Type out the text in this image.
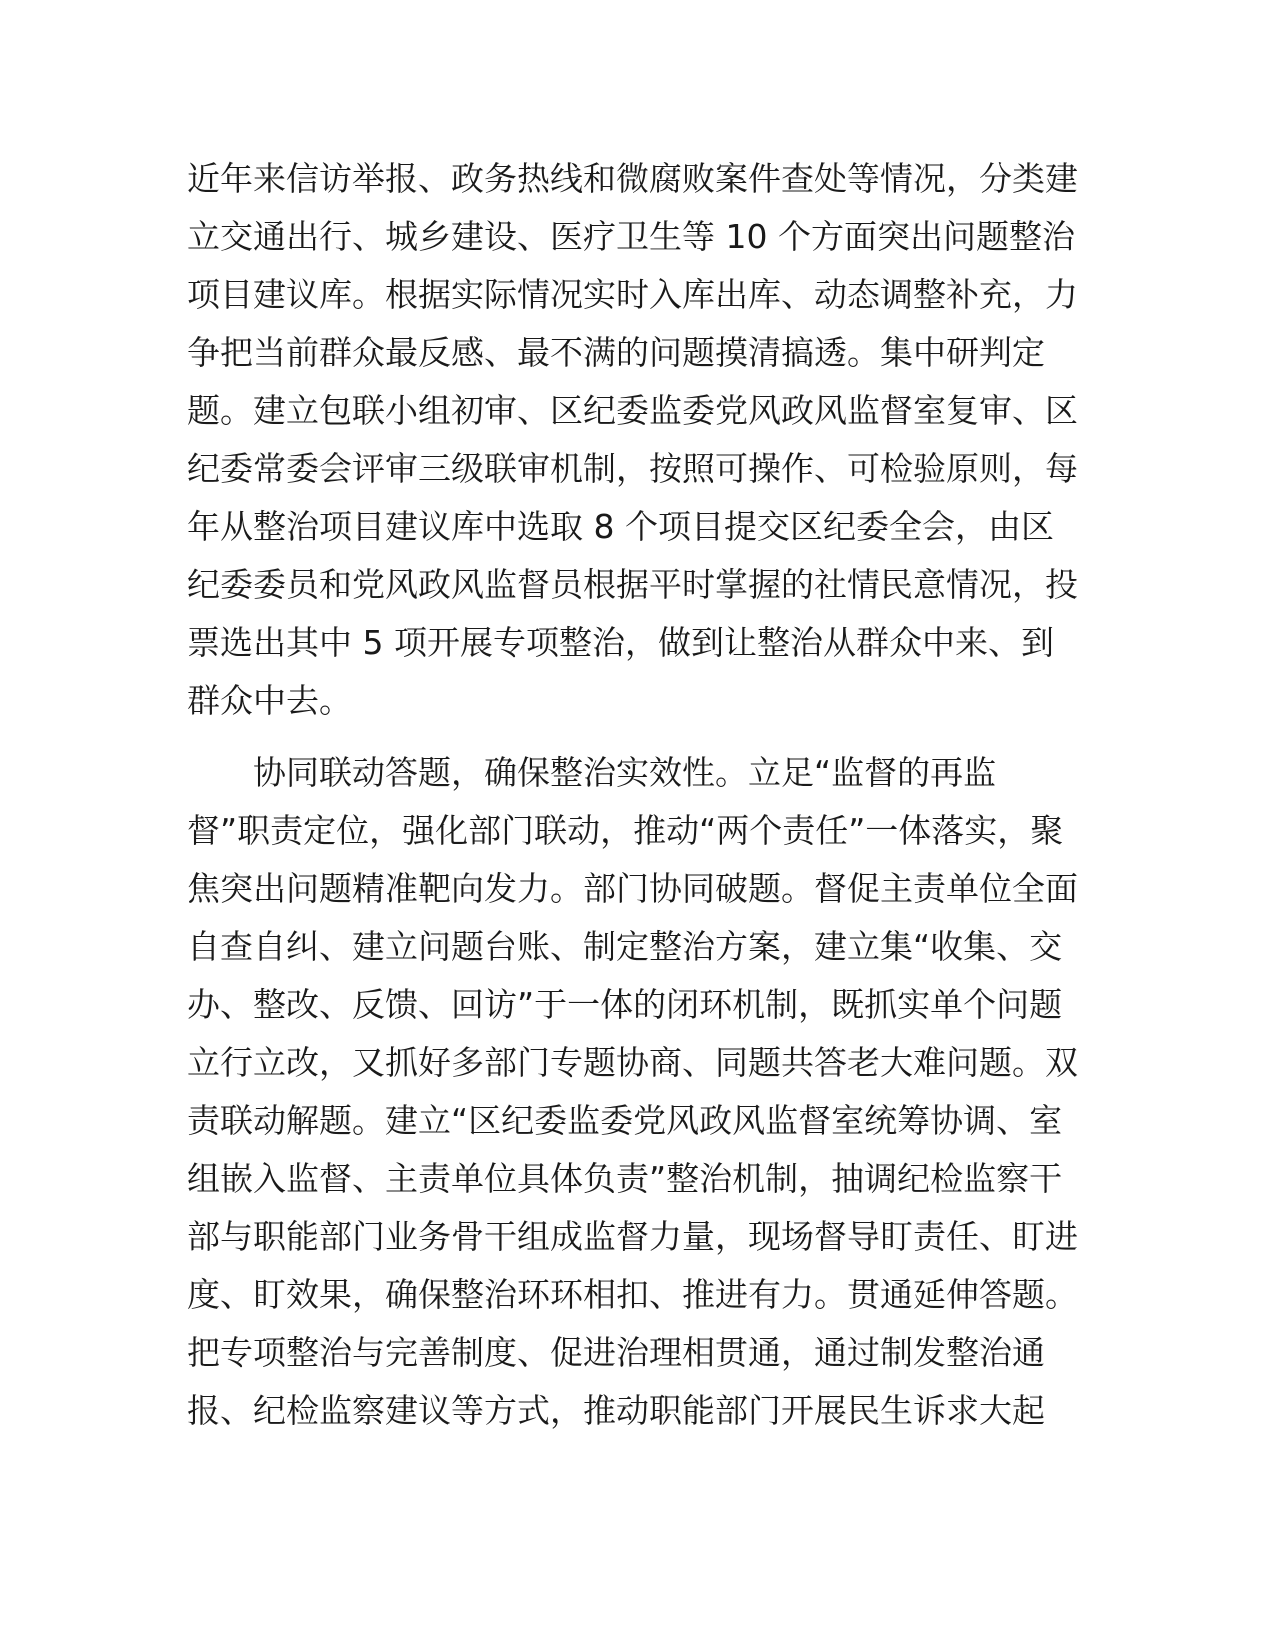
近年来信访举报、政务热线和微腐败案件查处等情况，分类建
立交通出行、城乡建设、医疗卫生等 10 个方面突出问题整治
项目建议库。根据实际情况实时入库出库、动态调整补充，力
争把当前群众最反感、最不满的问题摸清搞透。集中研判定
题。建立包联小组初审、区纪委监委党风政风监督室复审、区
纪委常委会评审三级联审机制，按照可操作、可检验原则，每
年从整治项目建议库中选取 8 个项目提交区纪委全会，由区
纪委委员和党风政风监督员根据平时掌握的社情民意情况，投
票选出其中 5 项开展专项整治，做到让整治从群众中来、到
群众中去。
协同联动答题，确保整治实效性。立足“监督的再监
督”职责定位，强化部门联动，推动“两个责任”一体落实，聚
焦突出问题精准靶向发力。部门协同破题。督促主责单位全面
自查自纠、建立问题台账、制定整治方案，建立集“收集、交
办、整改、反馈、回访”于一体的闭环机制，既抓实单个问题
立行立改，又抓好多部门专题协商、同题共答老大难问题。双
责联动解题。建立“区纪委监委党风政风监督室统筹协调、室
组嵌入监督、主责单位具体负责”整治机制，抽调纪检监察干
部与职能部门业务骨干组成监督力量，现场督导盯责任、盯进
度、盯效果，确保整治环环相扣、推进有力。贯通延伸答题。
把专项整治与完善制度、促进治理相贯通，通过制发整治通
报、纪检监察建议等方式，推动职能部门开展民生诉求大起
